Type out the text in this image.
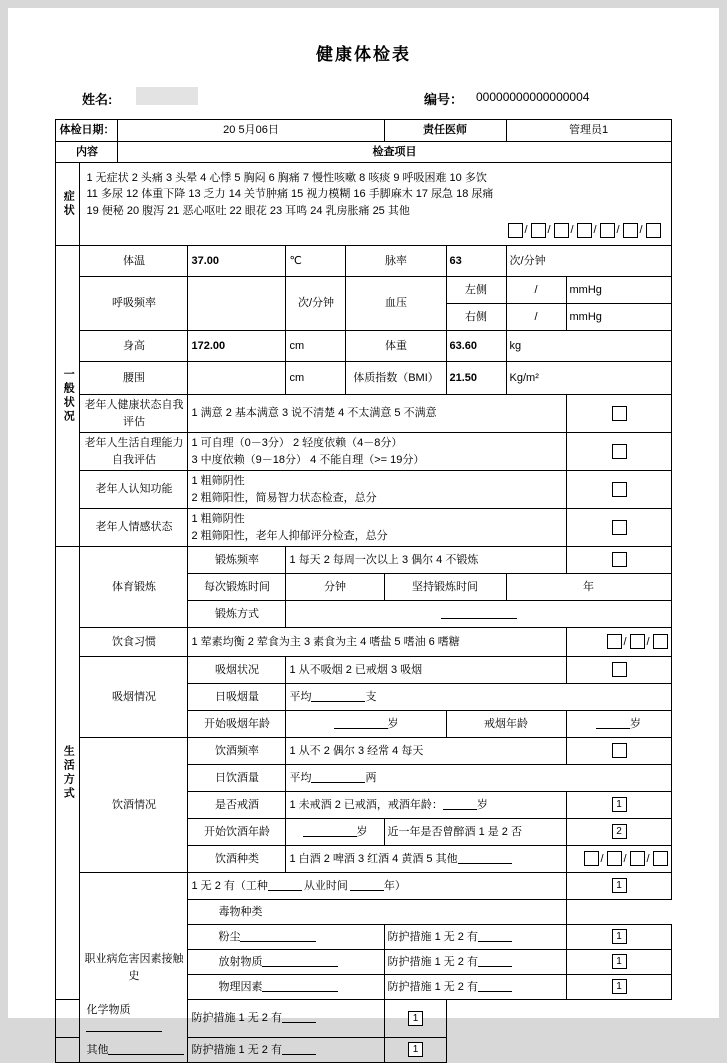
健康体检表
姓名:	编号： 00000000000000004
体检日期：		20 5月06日				责任医师		管理员1	
内容		检查项目							

症状	1 无症状 2 头痛 3 头晕 4 心悸 5 胸闷 6 胸痛 7 慢性咳嗽 8 咳痰 9 呼吸困难 10 多饮
11 多尿 12 体重下降 13 乏力 14 关节肿痛 15 视力模糊 16 手脚麻木 17 尿急 18 尿痛
19 便秘 20 腹泻 21 恶心呕吐 22 眼花 23 耳鸣 24 乳房胀痛 25 其他
/ / / / / /								

一般状况	体温		37.00	℃	脉率		63	次/分钟	
	呼吸频率			次/分钟	血压		左侧	/	mmHg
							右侧	/	mmHg
	身高		172.00	cm	体重		63.60	kg	
	腰围			cm	体质指数（BMI）		21.50	Kg/m²	
	老年人健康状态自我评估		1 满意 2 基本满意 3 说不清楚 4 不太满意 5 不满意						
	老年人生活自理能力自我评估		1 可自理（0－3分） 2 轻度依赖（4－8分）
3 中度依赖（9－18分） 4 不能自理（>= 19分）						

	老年人认知功能		1 粗筛阴性
2 粗筛阳性，简易智力状态检查，总分						

	老年人情感状态		1 粗筛阴性
2 粗筛阳性，老年人抑郁评分检查，总分						

生活方式	体育锻炼		锻炼频率	1 每天 2 每周一次以上 3 偶尔 4 不锻炼					
			每次锻炼时间	分钟		坚持锻炼时间		年	
			锻炼方式						
	饮食习惯		1 荤素均衡 2 荤食为主 3 素食为主 4 嗜盐 5 嗜油 6 嗜糖						/ /
	吸烟情况		吸烟状况	1 从不吸烟 2 已戒烟 3 吸烟					
			日吸烟量	平均 支					
			开始吸烟年龄	岁			戒烟年龄		岁
	饮酒情况		饮酒频率	1 从不 2 偶尔 3 经常 4 每天					
			日饮酒量	平均 两					
			是否戒酒	1 未戒酒 2 已戒酒，戒酒年龄： 岁					1
			开始饮酒年龄	岁		近一年是否曾醉酒 1 是 2 否			2
			饮酒种类	1 白酒 2 啤酒 3 红酒 4 黄酒 5 其他					/ / /
	职业病危害因素接触史		1 无 2 有（工种 从业时间 年）						1
			毒物种类						
			粉尘			防护措施 1 无 2 有			1
			放射物质			防护措施 1 无 2 有			1
			物理因素			防护措施 1 无 2 有			1
化学物质			防护措施 1 无 2 有			1			
其他			防护措施 1 无 2 有			1			
